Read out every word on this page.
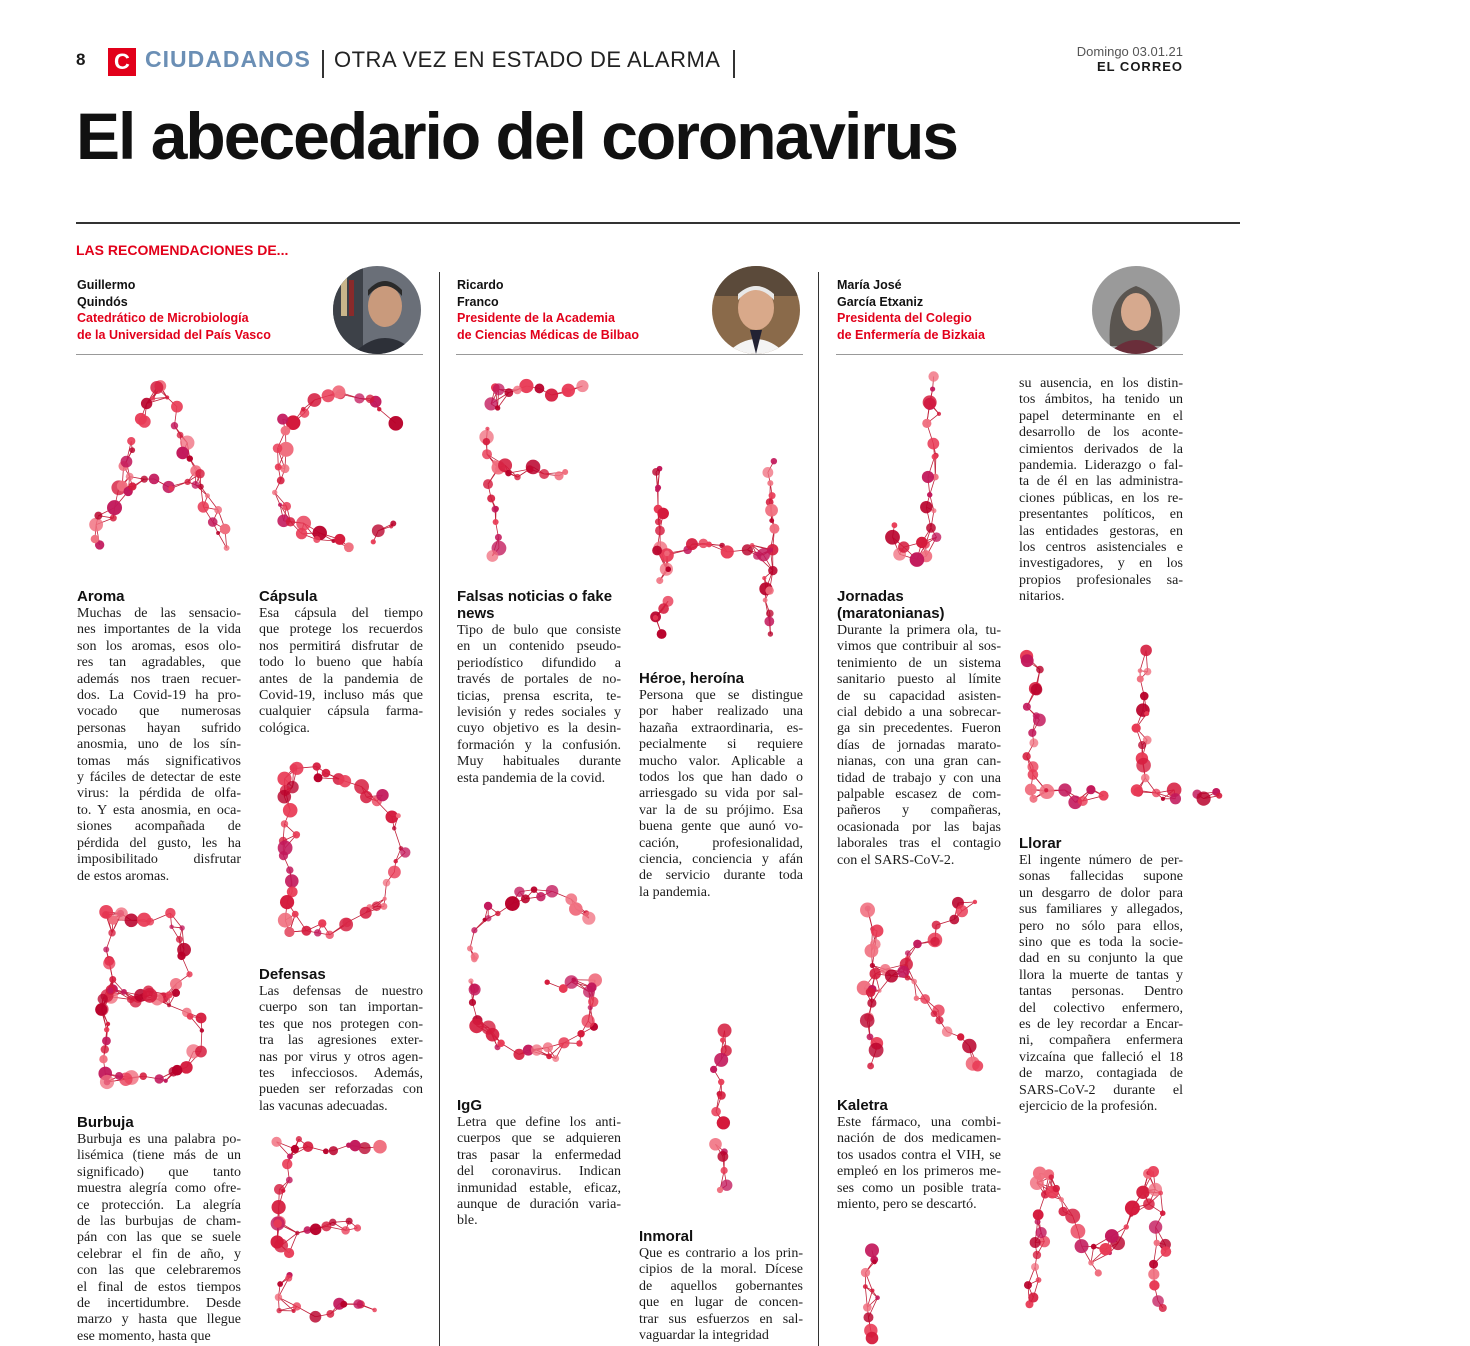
8 C CIUDADANOS OTRA VEZ EN ESTADO DE ALARMA	Domingo 03.01.21
EL CORREO
El abecedario del coronavirus
LAS RECOMENDACIONES DE...
Guillermo
Quindós
Catedrático de Microbiología
de la Universidad del País Vasco
Ricardo
Franco
Presidente de la Academia
de Ciencias Médicas de Bilbao
María José
García Etxaniz
Presidenta del Colegio
de Enfermería de Bizkaia
Aroma
Muchas de las sensacio-
nes importantes de la vida
son los aromas, esos olo-
res tan agradables, que
además nos traen recuer-
dos. La Covid-19 ha pro-
vocado que numerosas
personas hayan sufrido
anosmia, uno de los sín-
tomas más significativos
y fáciles de detectar de este
virus: la pérdida de olfa-
to. Y esta anosmia, en oca-
siones acompañada de
pérdida del gusto, les ha
imposibilitado disfrutar
de estos aromas.
Burbuja
Burbuja es una palabra po-
lisémica (tiene más de un
significado) que tanto
muestra alegría como ofre-
ce protección. La alegría
de las burbujas de cham-
pán con las que se suele
celebrar el fin de año, y
con las que celebraremos
el final de estos tiempos
de incertidumbre. Desde
marzo y hasta que llegue
ese momento, hasta que
Cápsula
Esa cápsula del tiempo
que protege los recuerdos
nos permitirá disfrutar de
todo lo bueno que había
antes de la pandemia de
Covid-19, incluso más que
cualquier cápsula farma-
cológica.
Defensas
Las defensas de nuestro
cuerpo son tan importan-
tes que nos protegen con-
tra las agresiones exter-
nas por virus y otros agen-
tes infecciosos. Además,
pueden ser reforzadas con
las vacunas adecuadas.
Falsas noticias o fake
news
Tipo de bulo que consiste
en un contenido pseudo-
periodístico difundido a
través de portales de no-
ticias, prensa escrita, te-
levisión y redes sociales y
cuyo objetivo es la desin-
formación y la confusión.
Muy habituales durante
esta pandemia de la covid.
IgG
Letra que define los anti-
cuerpos que se adquieren
tras pasar la enfermedad
del coronavirus. Indican
inmunidad estable, eficaz,
aunque de duración varia-
ble.
Héroe, heroína
Persona que se distingue
por haber realizado una
hazaña extraordinaria, es-
pecialmente si requiere
mucho valor. Aplicable a
todos los que han dado o
arriesgado su vida por sal-
var la de su prójimo. Esa
buena gente que aunó vo-
cación, profesionalidad,
ciencia, conciencia y afán
de servicio durante toda
la pandemia.
Inmoral
Que es contrario a los prin-
cipios de la moral. Dícese
de aquellos gobernantes
que en lugar de concen-
trar sus esfuerzos en sal-
vaguardar la integridad
Jornadas
(maratonianas)
Durante la primera ola, tu-
vimos que contribuir al sos-
tenimiento de un sistema
sanitario puesto al límite
de su capacidad asisten-
cial debido a una sobrecar-
ga sin precedentes. Fueron
días de jornadas marato-
nianas, con una gran can-
tidad de trabajo y con una
palpable escasez de com-
pañeros y compañeras,
ocasionada por las bajas
laborales tras el contagio
con el SARS-CoV-2.
Kaletra
Este fármaco, una combi-
nación de dos medicamen-
tos usados contra el VIH, se
empleó en los primeros me-
ses como un posible trata-
miento, pero se descartó.
su ausencia, en los distin-
tos ámbitos, ha tenido un
papel determinante en el
desarrollo de los aconte-
cimientos derivados de la
pandemia. Liderazgo o fal-
ta de él en las administra-
ciones públicas, en los re-
presentantes políticos, en
las entidades gestoras, en
los centros asistenciales e
investigadores, y en los
propios profesionales sa-
nitarios.
Llorar
El ingente número de per-
sonas fallecidas supone
un desgarro de dolor para
sus familiares y allegados,
pero no sólo para ellos,
sino que es toda la socie-
dad en su conjunto la que
llora la muerte de tantas y
tantas personas. Dentro
del colectivo enfermero,
es de ley recordar a Encar-
ni, compañera enfermera
vizcaína que falleció el 18
de marzo, contagiada de
SARS-CoV-2 durante el
ejercicio de la profesión.
